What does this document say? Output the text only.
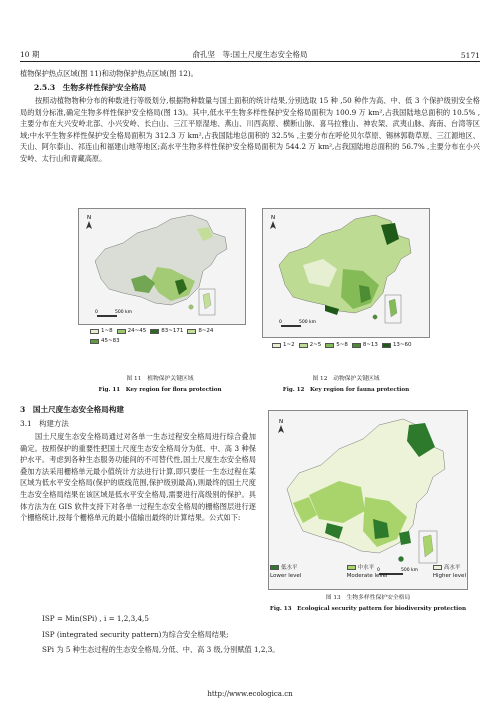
10 期	俞孔坚　等:国土尺度生态安全格局	5171

植物保护热点区域(图 11)和动物保护热点区域(图 12)。

2.5.3　生物多样性保护安全格局

按照动植物物种分布的种数进行等级划分,根据物种数量与国土面积的统计结果,分别选取 15 种 ,50 种作为高、中、低 3 个保护级别安全格局的划分标准,确定生物多样性保护安全格局(图 13)。其中,低水平生物多样性保护安全格局面积为 100.9 万 km²,占我国陆地总面积的 10.5% ,主要分布在大兴安岭北部、小兴安岭、长白山、三江平原湿地、燕山、川西高原、横断山脉、喜马拉雅山、神农架、武夷山脉、海南、台湾等区域;中水平生物多样性保护安全格局面积为 312.3 万 km²,占我国陆地总面积的 32.5% ,主要分布在呼伦贝尔草原、锡林郭勒草原、三江源地区、天山、阿尔泰山、祁连山和福建山地等地区;高水平生物多样性保护安全格局面积为 544.2 万 km²,占我国陆地总面积的 56.7% ,主要分布在小兴安岭、太行山和青藏高原。

N
0	500 km
1~8	24~45	83~171	8~24
45~83
图 11　植物保护关键区域
Fig. 11　Key region for flora protection
N
0	500 km
1~2	2~5	5~8	8~13	13~60
图 12　动物保护关键区域
Fig. 12　Key region for fauna protection
3　国土尺度生态安全格局构建
3.1　构建方法

国土尺度生态安全格局通过对各单一生态过程安全格局进行综合叠加确定。按照保护的重要性把国土尺度生态安全格局分为低、中、高 3 种保护水平。考虑到各种生态服务功能间的不可替代性,国土尺度生态安全格局叠加方法采用栅格单元最小值统计方法进行计算,即只要任一生态过程在某区域为低水平安全格局(保护的底线范围,保护级别最高),则最终的国土尺度生态安全格局结果在该区域是低水平安全格局,需要进行高级别的保护。具体方法为在 GIS 软件支持下对各单一过程生态安全格局的栅格图层进行逐个栅格统计,按每个栅格单元的最小值输出最终的计算结果。公式如下:

ISP = Min(SPi) , i = 1,2,3,4,5
ISP (integrated security pattern)为综合安全格局结果;
SPi 为 5 种生态过程的生态安全格局,分低、中、高 3 级,分别赋值 1,2,3。
N
0	500 km
低水平
Lower level
中水平
Moderate level
高水平
Higher level
图 13　生物多样性保护安全格局
Fig. 13　Ecological security pattern for biodiversity protection
http://www.ecologica.cn
